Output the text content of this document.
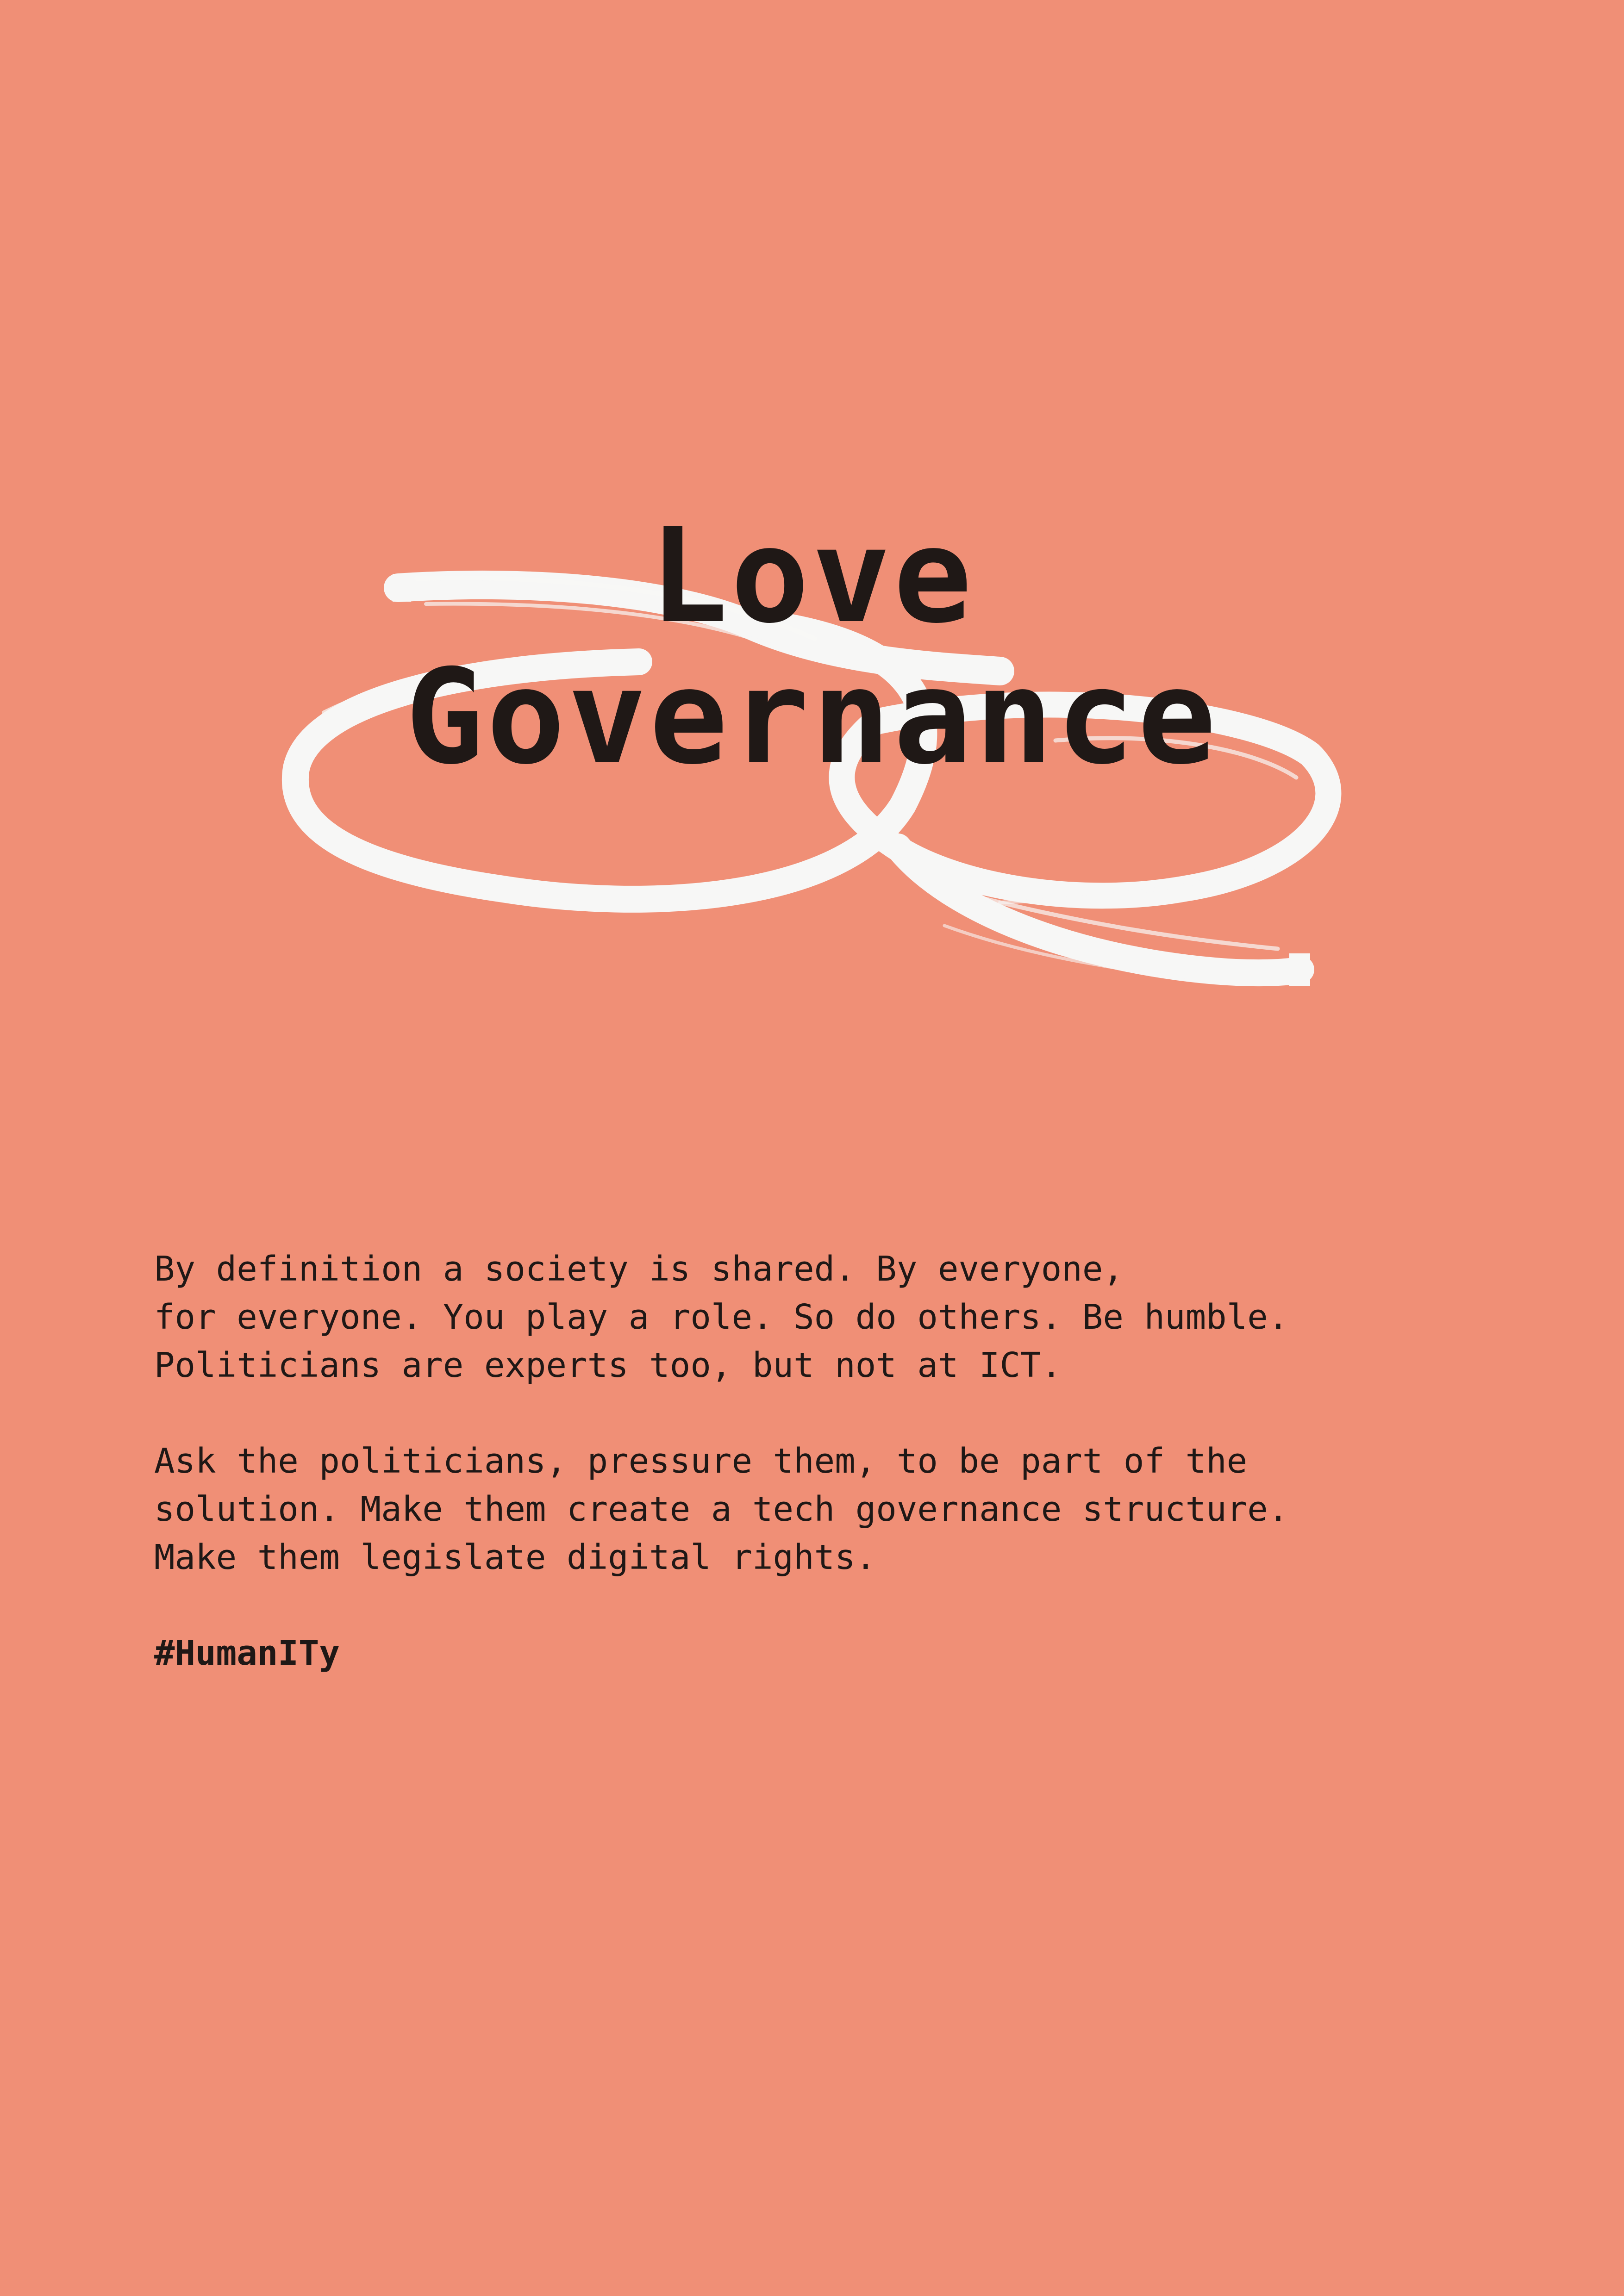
Love
Governance

By definition a society is shared. By everyone,
for everyone. You play a role. So do others. Be humble.
Politicians are experts too, but not at ICT.

Ask the politicians, pressure them, to be part of the
solution. Make them create a tech governance structure.
Make them legislate digital rights.

#HumanITy
